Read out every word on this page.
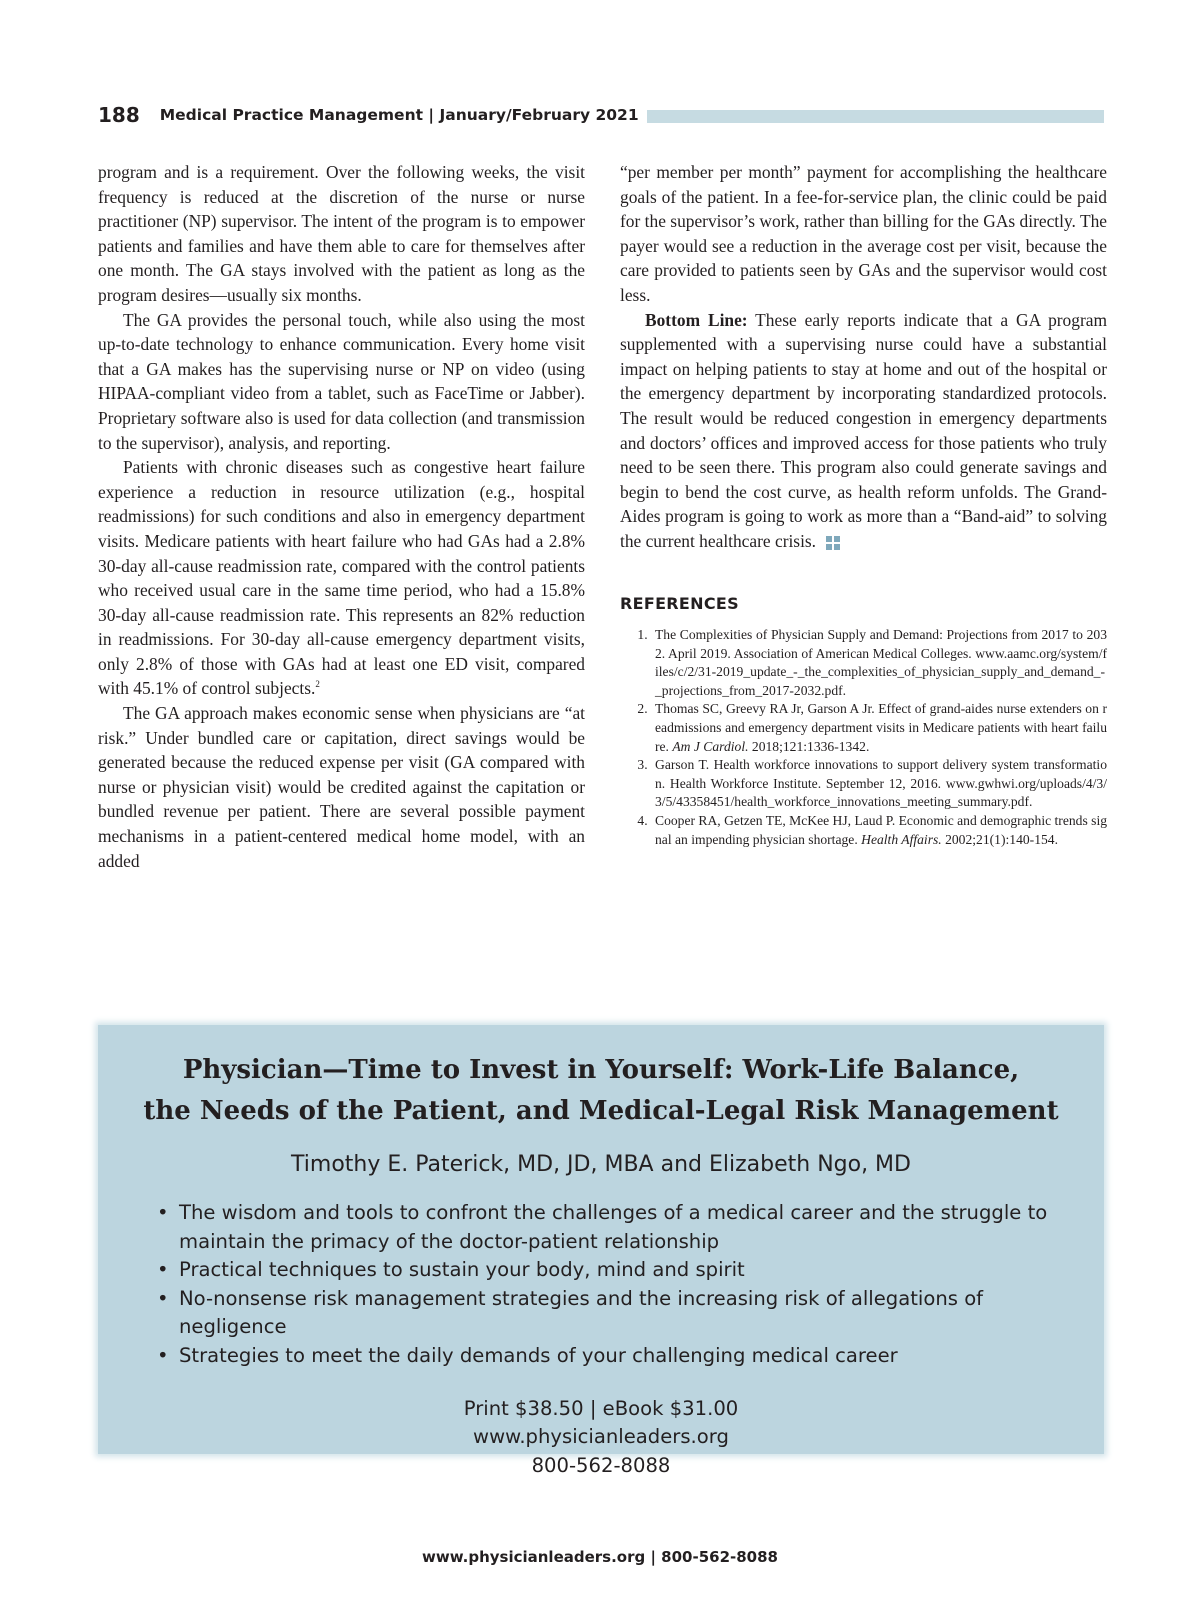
188 Medical Practice Management | January/February 2021

program and is a requirement. Over the following weeks, the visit frequency is reduced at the discretion of the nurse or nurse practitioner (NP) supervisor. The intent of the program is to empower patients and families and have them able to care for themselves after one month. The GA stays involved with the patient as long as the program desires—usually six months.

The GA provides the personal touch, while also using the most up-to-date technology to enhance communication. Every home visit that a GA makes has the supervising nurse or NP on video (using HIPAA-compliant video from a tablet, such as FaceTime or Jabber). Proprietary software also is used for data collection (and transmission to the supervisor), analysis, and reporting.

Patients with chronic diseases such as congestive heart failure experience a reduction in resource utilization (e.g., hospital readmissions) for such conditions and also in emergency department visits. Medicare patients with heart failure who had GAs had a 2.8% 30-day all-cause readmission rate, compared with the control patients who received usual care in the same time period, who had a 15.8% 30-day all-cause readmission rate. This represents an 82% reduction in readmissions. For 30-day all-cause emergency department visits, only 2.8% of those with GAs had at least one ED visit, compared with 45.1% of control subjects.$^2$

The GA approach makes economic sense when physicians are “at risk.” Under bundled care or capitation, direct savings would be generated because the reduced expense per visit (GA compared with nurse or physician visit) would be credited against the capitation or bundled revenue per patient. There are several possible payment mechanisms in a patient-centered medical home model, with an added

“per member per month” payment for accomplishing the healthcare goals of the patient. In a fee-for-service plan, the clinic could be paid for the supervisor’s work, rather than billing for the GAs directly. The payer would see a reduction in the average cost per visit, because the care provided to patients seen by GAs and the supervisor would cost less.

Bottom Line: These early reports indicate that a GA program supplemented with a supervising nurse could have a substantial impact on helping patients to stay at home and out of the hospital or the emergency department by incorporating standardized protocols. The result would be reduced congestion in emergency departments and doctors’ offices and improved access for those patients who truly need to be seen there. This program also could generate savings and begin to bend the cost curve, as health reform unfolds. The Grand-Aides program is going to work as more than a “Band-aid” to solving the current healthcare crisis.

REFERENCES
1. The Complexities of Physician Supply and Demand: Projections from 2017 to 2032. April 2019. Association of American Medical Colleges. www.aamc.org/system/files/c/2/31-2019_update_-_the_complexities_of_physician_supply_and_demand_-_projections_from_2017-2032.pdf.
2. Thomas SC, Greevy RA Jr, Garson A Jr. Effect of grand-aides nurse extenders on readmissions and emergency department visits in Medicare patients with heart failure. Am J Cardiol. 2018;121:1336-1342.
3. Garson T. Health workforce innovations to support delivery system transformation. Health Workforce Institute. September 12, 2016. www.gwhwi.org/uploads/4/3/3/5/43358451/health_workforce_innovations_meeting_summary.pdf.
4. Cooper RA, Getzen TE, McKee HJ, Laud P. Economic and demographic trends signal an impending physician shortage. Health Affairs. 2002;21(1):140-154.
Physician—Time to Invest in Yourself: Work-Life Balance,
the Needs of the Patient, and Medical-Legal Risk Management
Timothy E. Paterick, MD, JD, MBA and Elizabeth Ngo, MD
• The wisdom and tools to confront the challenges of a medical career and the struggle to maintain the primacy of the doctor-patient relationship
• Practical techniques to sustain your body, mind and spirit
• No-nonsense risk management strategies and the increasing risk of allegations of negligence
• Strategies to meet the daily demands of your challenging medical career
Print $38.50 | eBook $31.00
www.physicianleaders.org
800-562-8088
www.physicianleaders.org | 800-562-8088
